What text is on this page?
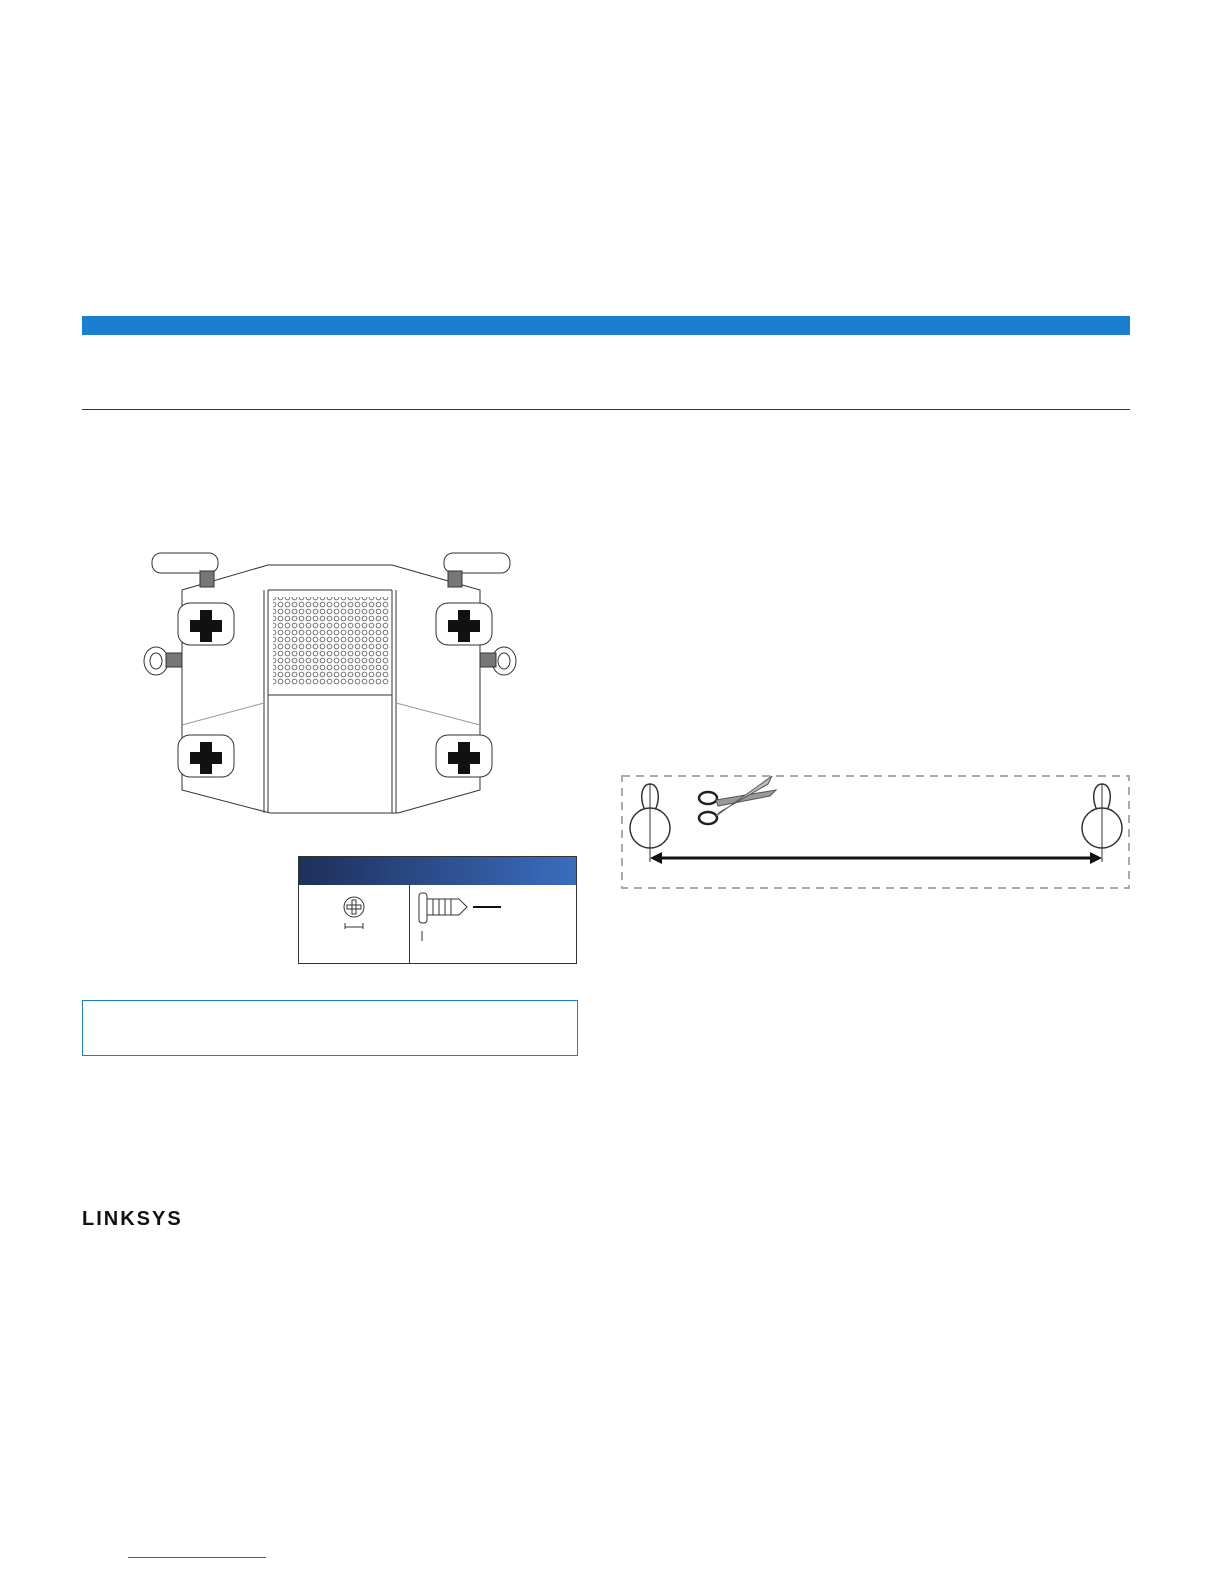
LINKSYS
